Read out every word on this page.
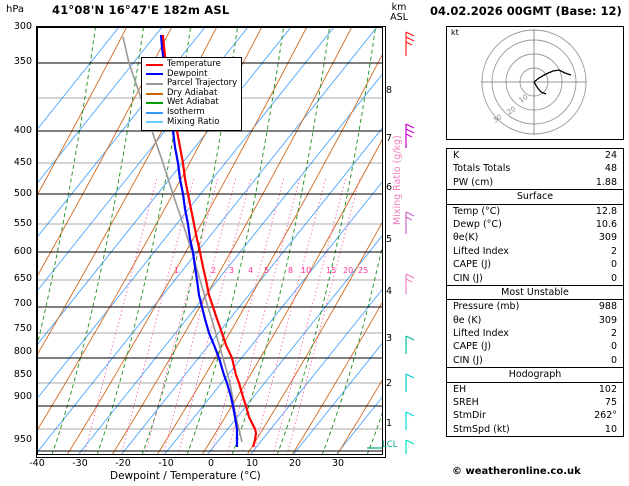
hPa 41°08'N 16°47'E 182m ASL	km
ASL	04.02.2026 00GMT (Base: 12)
Temperature
Dewpoint
Parcel Trajectory
Dry Adiabat
Wet Adiabat
Isotherm
Mixing Ratio
300
350
400
450
500
550
600
650
700
750
800
850
900
950
-40	-30	-20	-10	0	10	20	30
Dewpoint / Temperature (°C)
8
7
6
5
4
3
2
1
LCL
Mixing Ratio (g/kg)
1	2 3 4 5 8 10 15 20 25
kt
10
20
30
K	24
Totals Totals	48
PW (cm)	1.88
Surface
Temp (°C)	12.8
Dewp (°C)	10.6
θe(K)	309
Lifted Index	2
CAPE (J)	0
CIN (J)	0
Most Unstable
Pressure (mb)	988
θe (K)	309
Lifted Index	2
CAPE (J)	0
CIN (J)	0
Hodograph
EH	102
SREH	75
StmDir	262°
StmSpd (kt)	10
© weatheronline.co.uk
